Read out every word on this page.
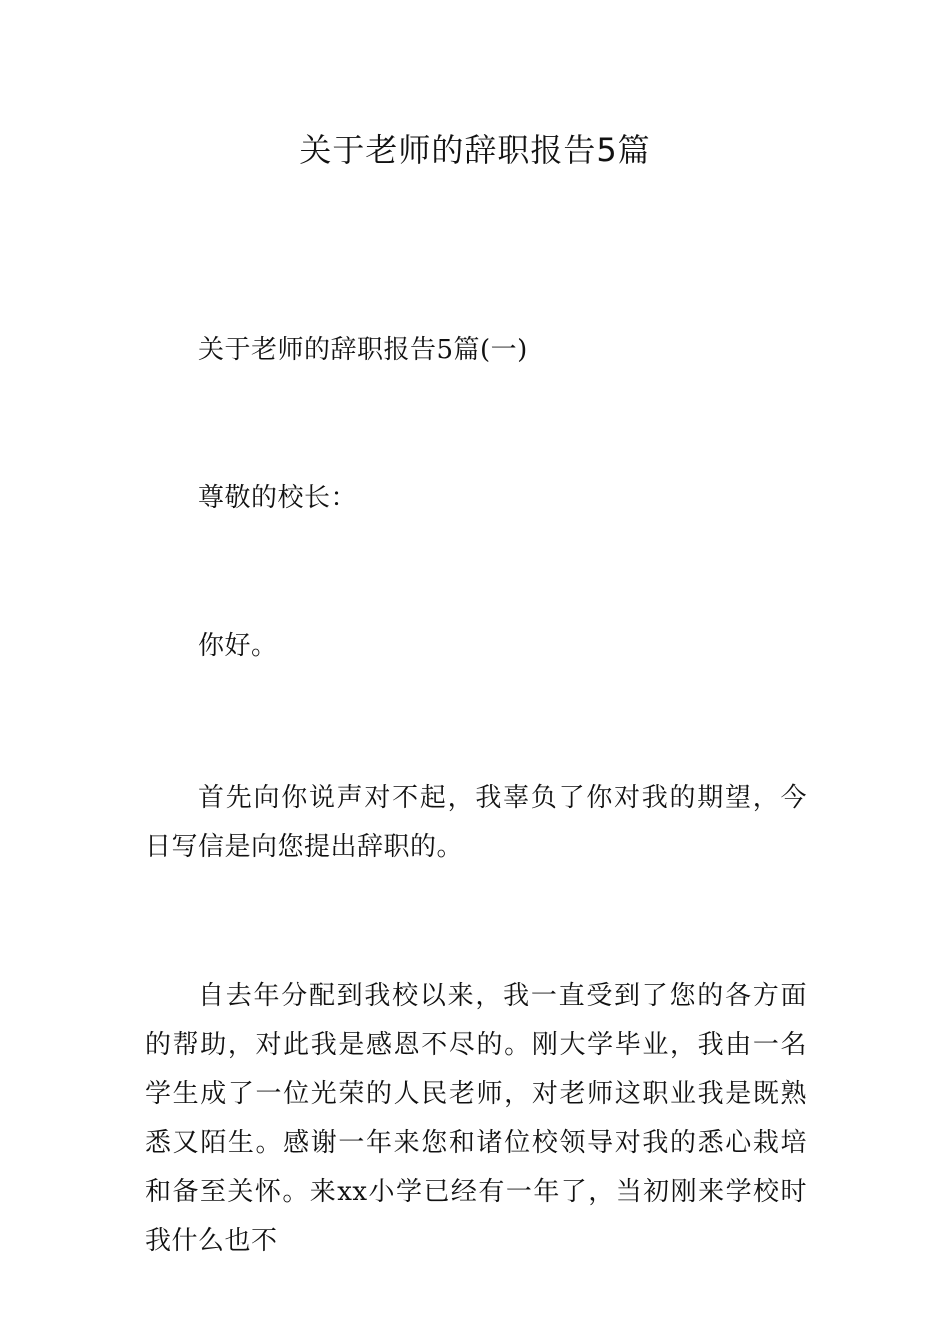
关于老师的辞职报告5篇

关于老师的辞职报告5篇(一)

尊敬的校长：

你好。

首先向你说声对不起，我辜负了你对我的期望，今日写信是向您提出辞职的。

自去年分配到我校以来，我一直受到了您的各方面的帮助，对此我是感恩不尽的。刚大学毕业，我由一名学生成了一位光荣的人民老师，对老师这职业我是既熟悉又陌生。感谢一年来您和诸位校领导对我的悉心栽培和备至关怀。来xx小学已经有一年了，当初刚来学校时我什么也不
